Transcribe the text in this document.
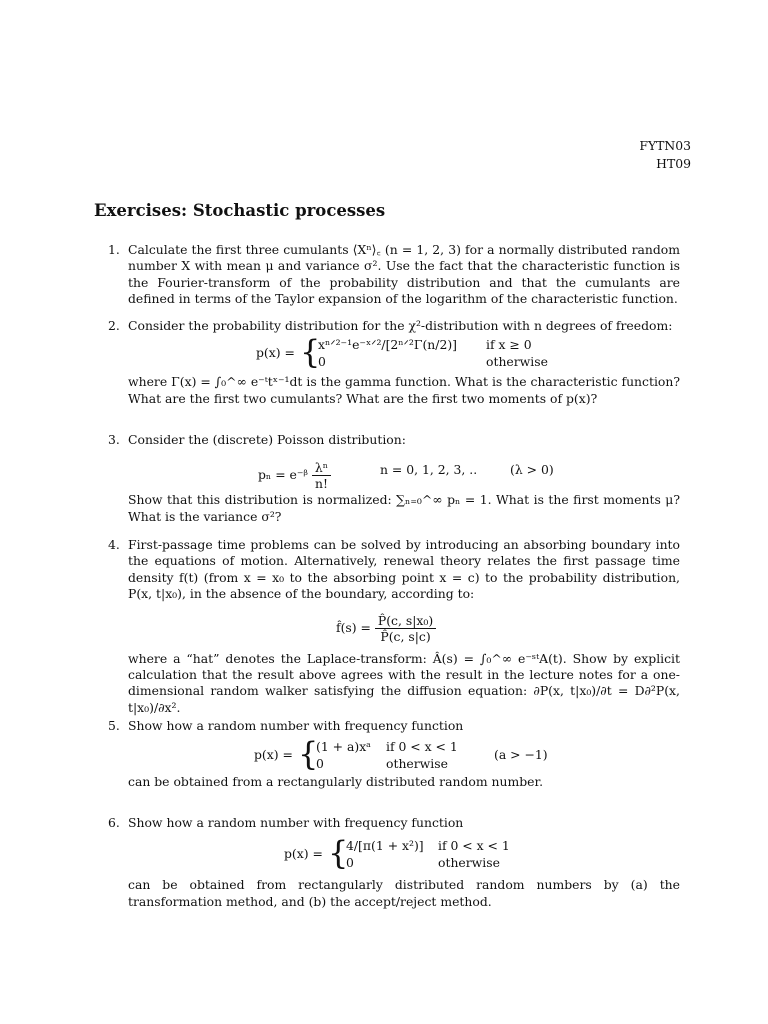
FYTN03
HT09
Exercises: Stochastic processes
1. Calculate the first three cumulants ⟨Xⁿ⟩꜀ (n = 1, 2, 3) for a normally distributed random number X with mean μ and variance σ². Use the fact that the characteristic function is the Fourier-transform of the probability distribution and that the cumulants are defined in terms of the Taylor expansion of the logarithm of the characteristic function.

2. Consider the probability distribution for the χ²-distribution with n degrees of freedom:

p(x) = {
xⁿᐟ²⁻¹e⁻ˣᐟ²/[2ⁿᐟ²Γ(n/2)] if x ≥ 0
0	otherwise

where Γ(x) = ∫₀^∞ e⁻ᵗtˣ⁻¹dt is the gamma function. What is the characteristic function? What are the first two cumulants? What are the first two moments of p(x)?

3. Consider the (discrete) Poisson distribution:

pₙ = e⁻ᵝ $\frac{\text{λⁿ}}{n!}$	n = 0, 1, 2, 3, ..	(λ > 0)

Show that this distribution is normalized: ∑ₙ₌₀^∞ pₙ = 1. What is the first moments μ? What is the variance σ²?

4. First-passage time problems can be solved by introducing an absorbing boundary into the equations of motion. Alternatively, renewal theory relates the first passage time density f(t) (from x = x₀ to the absorbing point x = c) to the probability distribution, P(x, t|x₀), in the absence of the boundary, according to:

f̂(s) = $\frac{\text{P̂(c, s|x₀)}}{P̂(c, s|c)}$

where a “hat” denotes the Laplace-transform: Â(s) = ∫₀^∞ e⁻ˢᵗA(t). Show by explicit calculation that the result above agrees with the result in the lecture notes for a one-dimensional random walker satisfying the diffusion equation: ∂P(x, t|x₀)/∂t = D∂²P(x, t|x₀)/∂x².

5. Show how a random number with frequency function

p(x) = {
(1 + a)xᵃ if 0 < x < 1
0	otherwise
(a > −1)

can be obtained from a rectangularly distributed random number.

6. Show how a random number with frequency function

p(x) = {
4/[π(1 + x²)] if 0 < x < 1
0	otherwise

can be obtained from rectangularly distributed random numbers by (a) the transformation method, and (b) the accept/reject method.
